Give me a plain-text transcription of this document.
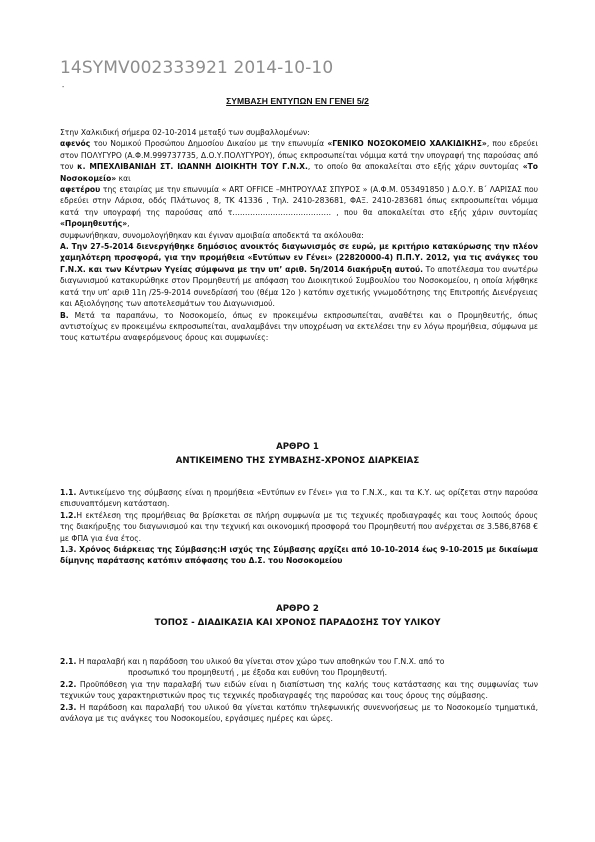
14SYMV002333921 2014-10-10
-
ΣΥΜΒΑΣΗ ΕΝΤΥΠΩΝ ΕΝ ΓΕΝΕΙ 5/2

Στην Χαλκιδική σήμερα 02-10-2014 μεταξύ των συμβαλλομένων:

αφενός του Νομικού Προσώπου Δημοσίου Δικαίου με την επωνυμία «ΓΕΝΙΚΟ ΝΟΣΟΚΟΜΕΙΟ ΧΑΛΚΙΔΙΚΗΣ», που εδρεύει στον ΠΟΛΥΓΥΡΟ (Α.Φ.Μ.999737735, Δ.Ο.Υ.ΠΟΛΥΓΥΡΟΥ), όπως εκπροσωπείται νόμιμα κατά την υπογραφή της παρούσας από τον κ. ΜΠΕΧΛΙΒΑΝΙΔΗ ΣΤ. ΙΩΑΝΝΗ ΔΙΟΙΚΗΤΗ ΤΟΥ Γ.Ν.Χ., το οποίο θα αποκαλείται στο εξής χάριν συντομίας «Το Νοσοκομείο» και

αφετέρου της εταιρίας με την επωνυμία « ART OFFICE –ΜΗΤΡΟΥΛΑΣ ΣΠΥΡΟΣ » (Α.Φ.Μ. 053491850 ) Δ.Ο.Υ. Β΄ ΛΑΡΙΣΑΣ που εδρεύει στην Λάρισα, οδός Πλάτωνος 8, ΤΚ 41336 , Τηλ. 2410-283681, ΦΑΞ. 2410-283681 όπως εκπροσωπείται νόμιμα κατά την υπογραφή της παρούσας από τ………………………………… , που θα αποκαλείται στο εξής χάριν συντομίας «Προμηθευτής»,

συμφωνήθηκαν, συνομολογήθηκαν και έγιναν αμοιβαία αποδεκτά τα ακόλουθα:

Α. Την 27-5-2014 διενεργήθηκε δημόσιος ανοικτός διαγωνισμός σε ευρώ, με κριτήριο κατακύρωσης την πλέον χαμηλότερη προσφορά, για την προμήθεια «Εντύπων εν Γένει» (22820000-4) Π.Π.Υ. 2012, για τις ανάγκες του Γ.Ν.Χ. και των Κέντρων Υγείας σύμφωνα με την υπ’ αριθ. 5η/2014 διακήρυξη αυτού. Το αποτέλεσμα του ανωτέρω διαγωνισμού κατακυρώθηκε στον Προμηθευτή με απόφαση του Διοικητικού Συμβουλίου του Νοσοκομείου, η οποία λήφθηκε κατά την υπ’ αριθ 11η /25-9-2014 συνεδρίασή του (θέμα 12ο ) κατόπιν σχετικής γνωμοδότησης της Επιτροπής Διενέργειας και Αξιολόγησης των αποτελεσμάτων του Διαγωνισμού.

Β. Μετά τα παραπάνω, το Νοσοκομείο, όπως εν προκειμένω εκπροσωπείται, αναθέτει και ο Προμηθευτής, όπως αντιστοίχως εν προκειμένω εκπροσωπείται, αναλαμβάνει την υποχρέωση να εκτελέσει την εν λόγω προμήθεια, σύμφωνα με τους κατωτέρω αναφερόμενους όρους και συμφωνίες:

ΑΡΘΡΟ 1
ΑΝΤΙΚΕΙΜΕΝΟ ΤΗΣ ΣΥΜΒΑΣΗΣ-ΧΡΟΝΟΣ ΔΙΑΡΚΕΙΑΣ

1.1. Αντικείμενο της σύμβασης είναι η προμήθεια «Εντύπων εν Γένει» για το Γ.Ν.Χ., και τα Κ.Υ. ως ορίζεται στην παρούσα επισυναπτόμενη κατάσταση.

1.2.Η εκτέλεση της προμήθειας θα βρίσκεται σε πλήρη συμφωνία με τις τεχνικές προδιαγραφές και τους λοιπούς όρους της διακήρυξης του διαγωνισμού και την τεχνική και οικονομική προσφορά του Προμηθευτή που ανέρχεται σε 3.586,8768 € με ΦΠΑ για ένα έτος.

1.3. Χρόνος διάρκειας της Σύμβασης:Η ισχύς της Σύμβασης αρχίζει από 10-10-2014 έως 9-10-2015 με δικαίωμα δίμηνης παράτασης κατόπιν απόφασης του Δ.Σ. του Νοσοκομείου

ΑΡΘΡΟ 2
ΤΟΠΟΣ - ΔΙΑΔΙΚΑΣΙΑ ΚΑΙ ΧΡΟΝΟΣ ΠΑΡΑΔΟΣΗΣ ΤΟΥ ΥΛΙΚΟΥ

2.1. Η παραλαβή και η παράδοση του υλικού θα γίνεται στον χώρο των αποθηκών του Γ.Ν.Χ. από το

προσωπικό του προμηθευτή , με έξοδα και ευθύνη του Προμηθευτή.

2.2. Προϋπόθεση για την παραλαβή των ειδών είναι η διαπίστωση της καλής τους κατάστασης και της συμφωνίας των τεχνικών τους χαρακτηριστικών προς τις τεχνικές προδιαγραφές της παρούσας και τους όρους της σύμβασης.

2.3. Η παράδοση και παραλαβή του υλικού θα γίνεται κατόπιν τηλεφωνικής συνεννοήσεως με το Νοσοκομείο τμηματικά, ανάλογα με τις ανάγκες του Νοσοκομείου, εργάσιμες ημέρες και ώρες.
